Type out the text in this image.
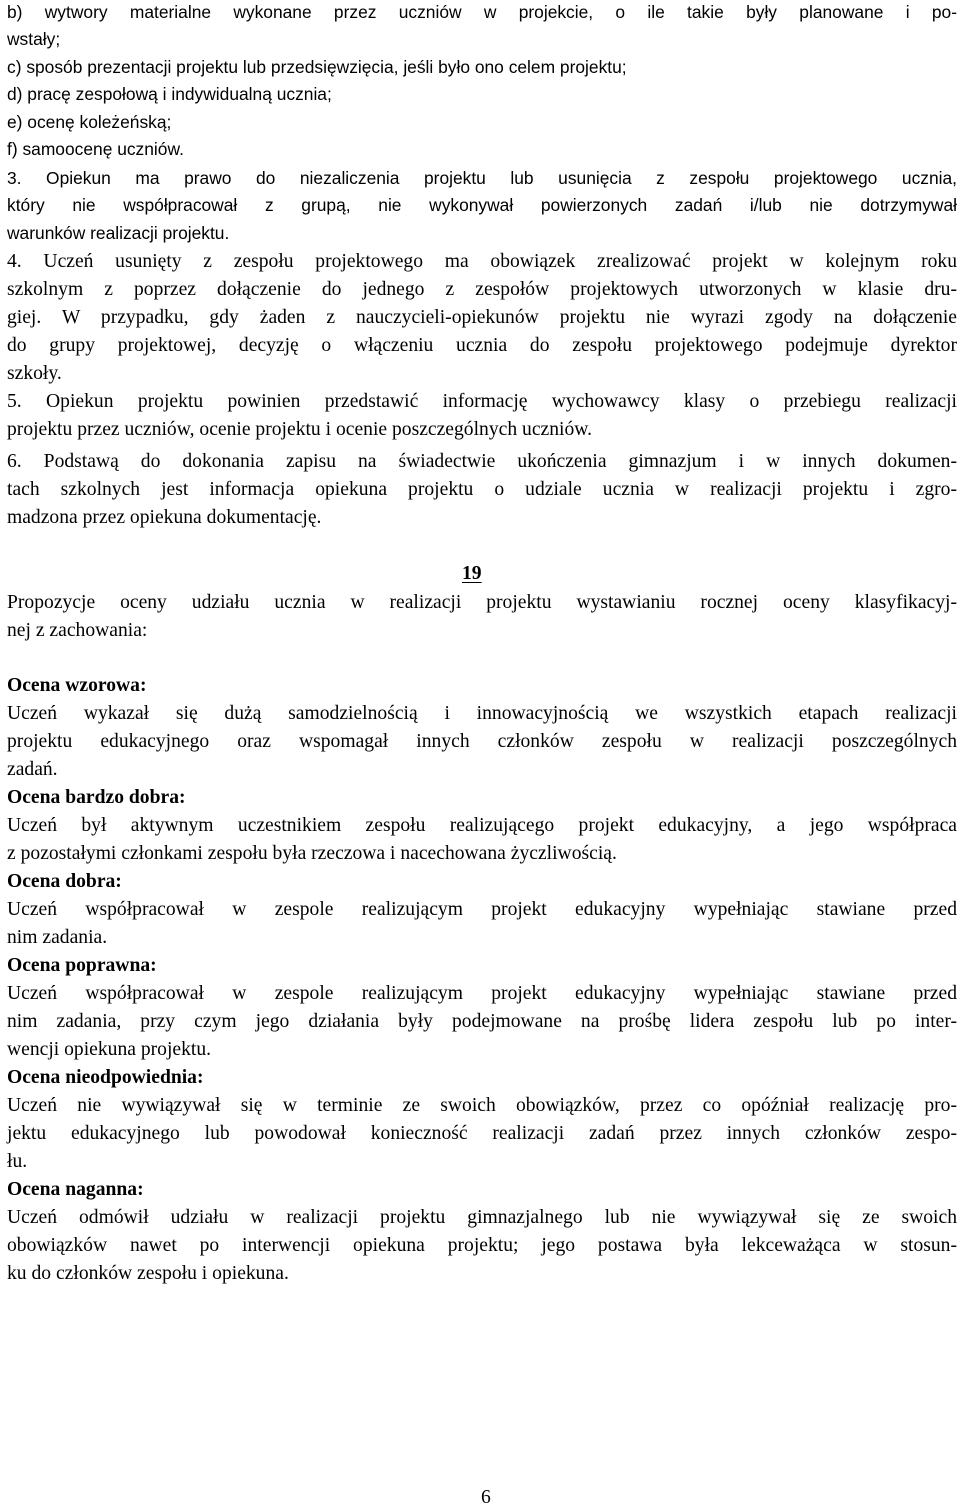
b) wytwory materialne wykonane przez uczniów w projekcie, o ile takie były planowane i po-
wstały;
c) sposób prezentacji projektu lub przedsięwzięcia, jeśli było ono celem projektu;
d) pracę zespołową i indywidualną ucznia;
e) ocenę koleżeńską;
f) samoocenę uczniów.
3. Opiekun ma prawo do niezaliczenia projektu lub usunięcia z zespołu projektowego ucznia,
który nie współpracował z grupą, nie wykonywał powierzonych zadań i/lub nie dotrzymywał
warunków realizacji projektu.
4. Uczeń usunięty z zespołu projektowego ma obowiązek zrealizować projekt w kolejnym roku
szkolnym z poprzez dołączenie do jednego z zespołów projektowych utworzonych w klasie dru-
giej. W przypadku, gdy żaden z nauczycieli-opiekunów projektu nie wyrazi zgody na dołączenie
do grupy projektowej, decyzję o włączeniu ucznia do zespołu projektowego podejmuje dyrektor
szkoły.
5. Opiekun projektu powinien przedstawić informację wychowawcy klasy o przebiegu realizacji
projektu przez uczniów, ocenie projektu i ocenie poszczególnych uczniów.
6. Podstawą do dokonania zapisu na świadectwie ukończenia gimnazjum i w innych dokumen-
tach szkolnych jest informacja opiekuna projektu o udziale ucznia w realizacji projektu i zgro-
madzona przez opiekuna dokumentację.
19
Propozycje oceny udziału ucznia w realizacji projektu wystawianiu rocznej oceny klasyfikacyj-
nej z zachowania:
Ocena wzorowa:
Uczeń wykazał się dużą samodzielnością i innowacyjnością we wszystkich etapach realizacji
projektu edukacyjnego oraz wspomagał innych członków zespołu w realizacji poszczególnych
zadań.
Ocena bardzo dobra:
Uczeń był aktywnym uczestnikiem zespołu realizującego projekt edukacyjny, a jego współpraca
z pozostałymi członkami zespołu była rzeczowa i nacechowana życzliwością.
Ocena dobra:
Uczeń współpracował w zespole realizującym projekt edukacyjny wypełniając stawiane przed
nim zadania.
Ocena poprawna:
Uczeń współpracował w zespole realizującym projekt edukacyjny wypełniając stawiane przed
nim zadania, przy czym jego działania były podejmowane na prośbę lidera zespołu lub po inter-
wencji opiekuna projektu.
Ocena nieodpowiednia:
Uczeń nie wywiązywał się w terminie ze swoich obowiązków, przez co opóźniał realizację pro-
jektu edukacyjnego lub powodował konieczność realizacji zadań przez innych członków zespo-
łu.
Ocena naganna:
Uczeń odmówił udziału w realizacji projektu gimnazjalnego lub nie wywiązywał się ze swoich
obowiązków nawet po interwencji opiekuna projektu; jego postawa była lekceważąca w stosun-
ku do członków zespołu i opiekuna.
6
